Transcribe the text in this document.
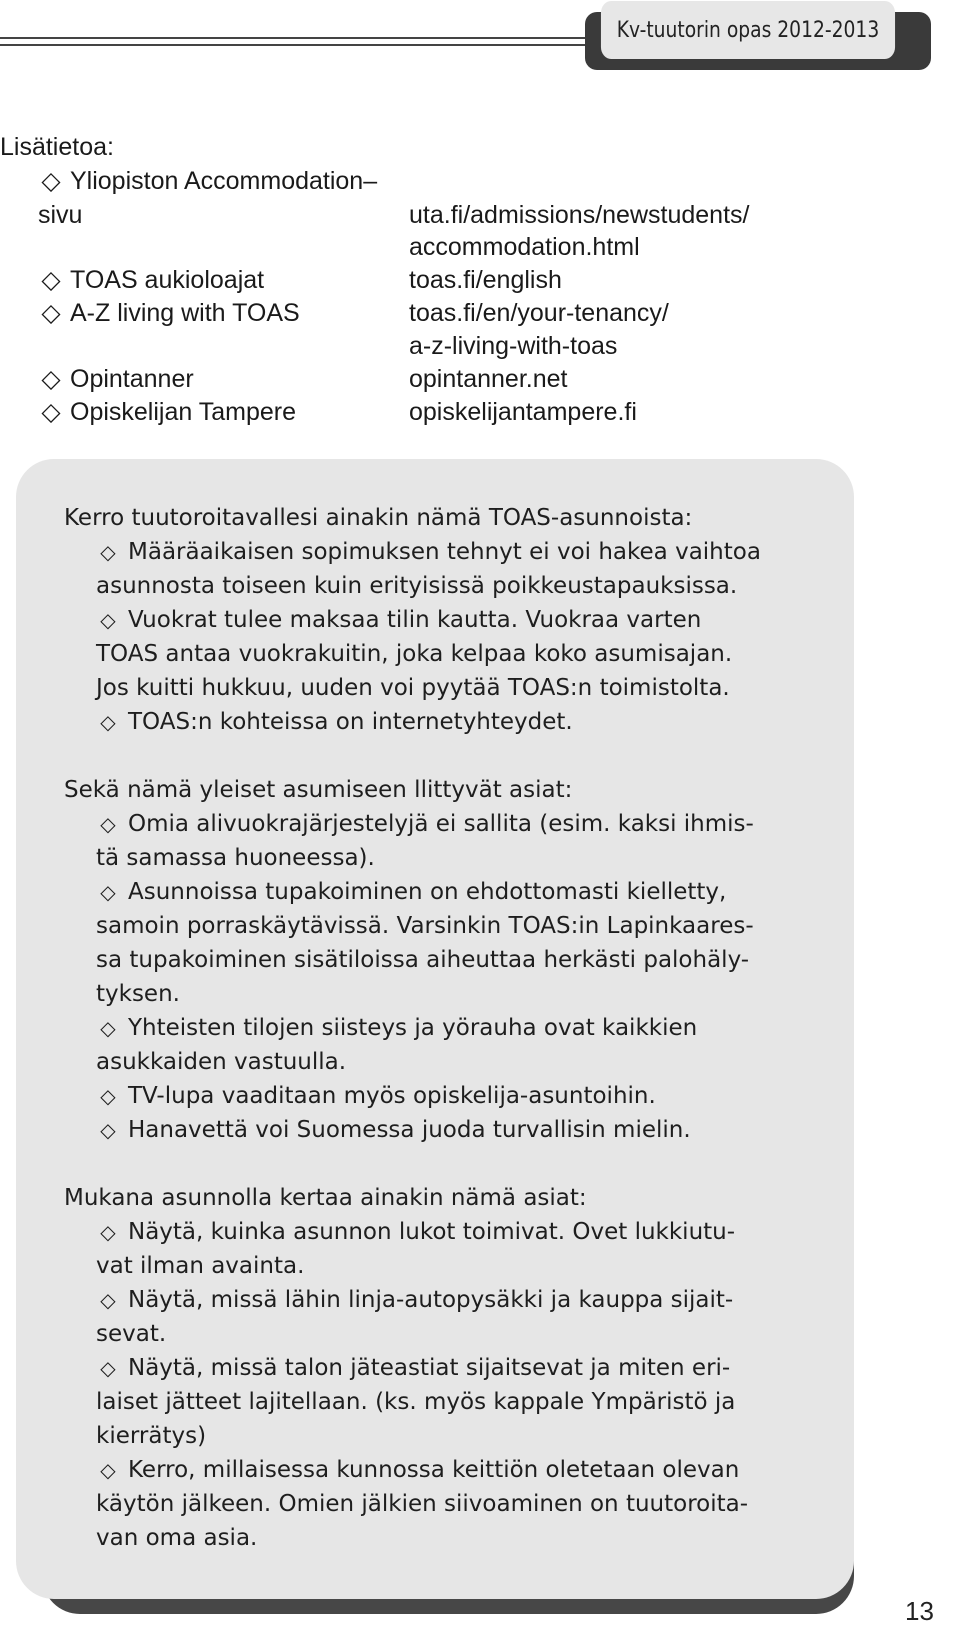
Kv-tuutorin opas 2012-2013
Lisätietoa:
◇ Yliopiston Accommodation–
sivu	uta.fi/admissions/newstudents/
accommodation.html
◇ TOAS aukioloajat	toas.fi/english
◇ A-Z living with TOAS	toas.fi/en/your-tenancy/
a-z-living-with-toas
◇ Opintanner	opintanner.net
◇ Opiskelijan Tampere	opiskelijantampere.fi
Kerro tuutoroitavallesi ainakin nämä TOAS-asunnoista:
◇ Määräaikaisen sopimuksen tehnyt ei voi hakea vaihtoa
asunnosta toiseen kuin erityisissä poikkeustapauksissa.
◇ Vuokrat tulee maksaa tilin kautta. Vuokraa varten
TOAS antaa vuokrakuitin, joka kelpaa koko asumisajan.
Jos kuitti hukkuu, uuden voi pyytää TOAS:n toimistolta.
◇ TOAS:n kohteissa on internetyhteydet.
Sekä nämä yleiset asumiseen llittyvät asiat:
◇ Omia alivuokrajärjestelyjä ei sallita (esim. kaksi ihmis-
tä samassa huoneessa).
◇ Asunnoissa tupakoiminen on ehdottomasti kielletty,
samoin porraskäytävissä. Varsinkin TOAS:in Lapinkaares-
sa tupakoiminen sisätiloissa aiheuttaa herkästi palohäly-
tyksen.
◇ Yhteisten tilojen siisteys ja yörauha ovat kaikkien
asukkaiden vastuulla.
◇ TV-lupa vaaditaan myös opiskelija-asuntoihin.
◇ Hanavettä voi Suomessa juoda turvallisin mielin.
Mukana asunnolla kertaa ainakin nämä asiat:
◇ Näytä, kuinka asunnon lukot toimivat. Ovet lukkiutu-
vat ilman avainta.
◇ Näytä, missä lähin linja-autopysäkki ja kauppa sijait-
sevat.
◇ Näytä, missä talon jäteastiat sijaitsevat ja miten eri-
laiset jätteet lajitellaan. (ks. myös kappale Ympäristö ja
kierrätys)
◇ Kerro, millaisessa kunnossa keittiön oletetaan olevan
käytön jälkeen. Omien jälkien siivoaminen on tuutoroita-
van oma asia.
13
